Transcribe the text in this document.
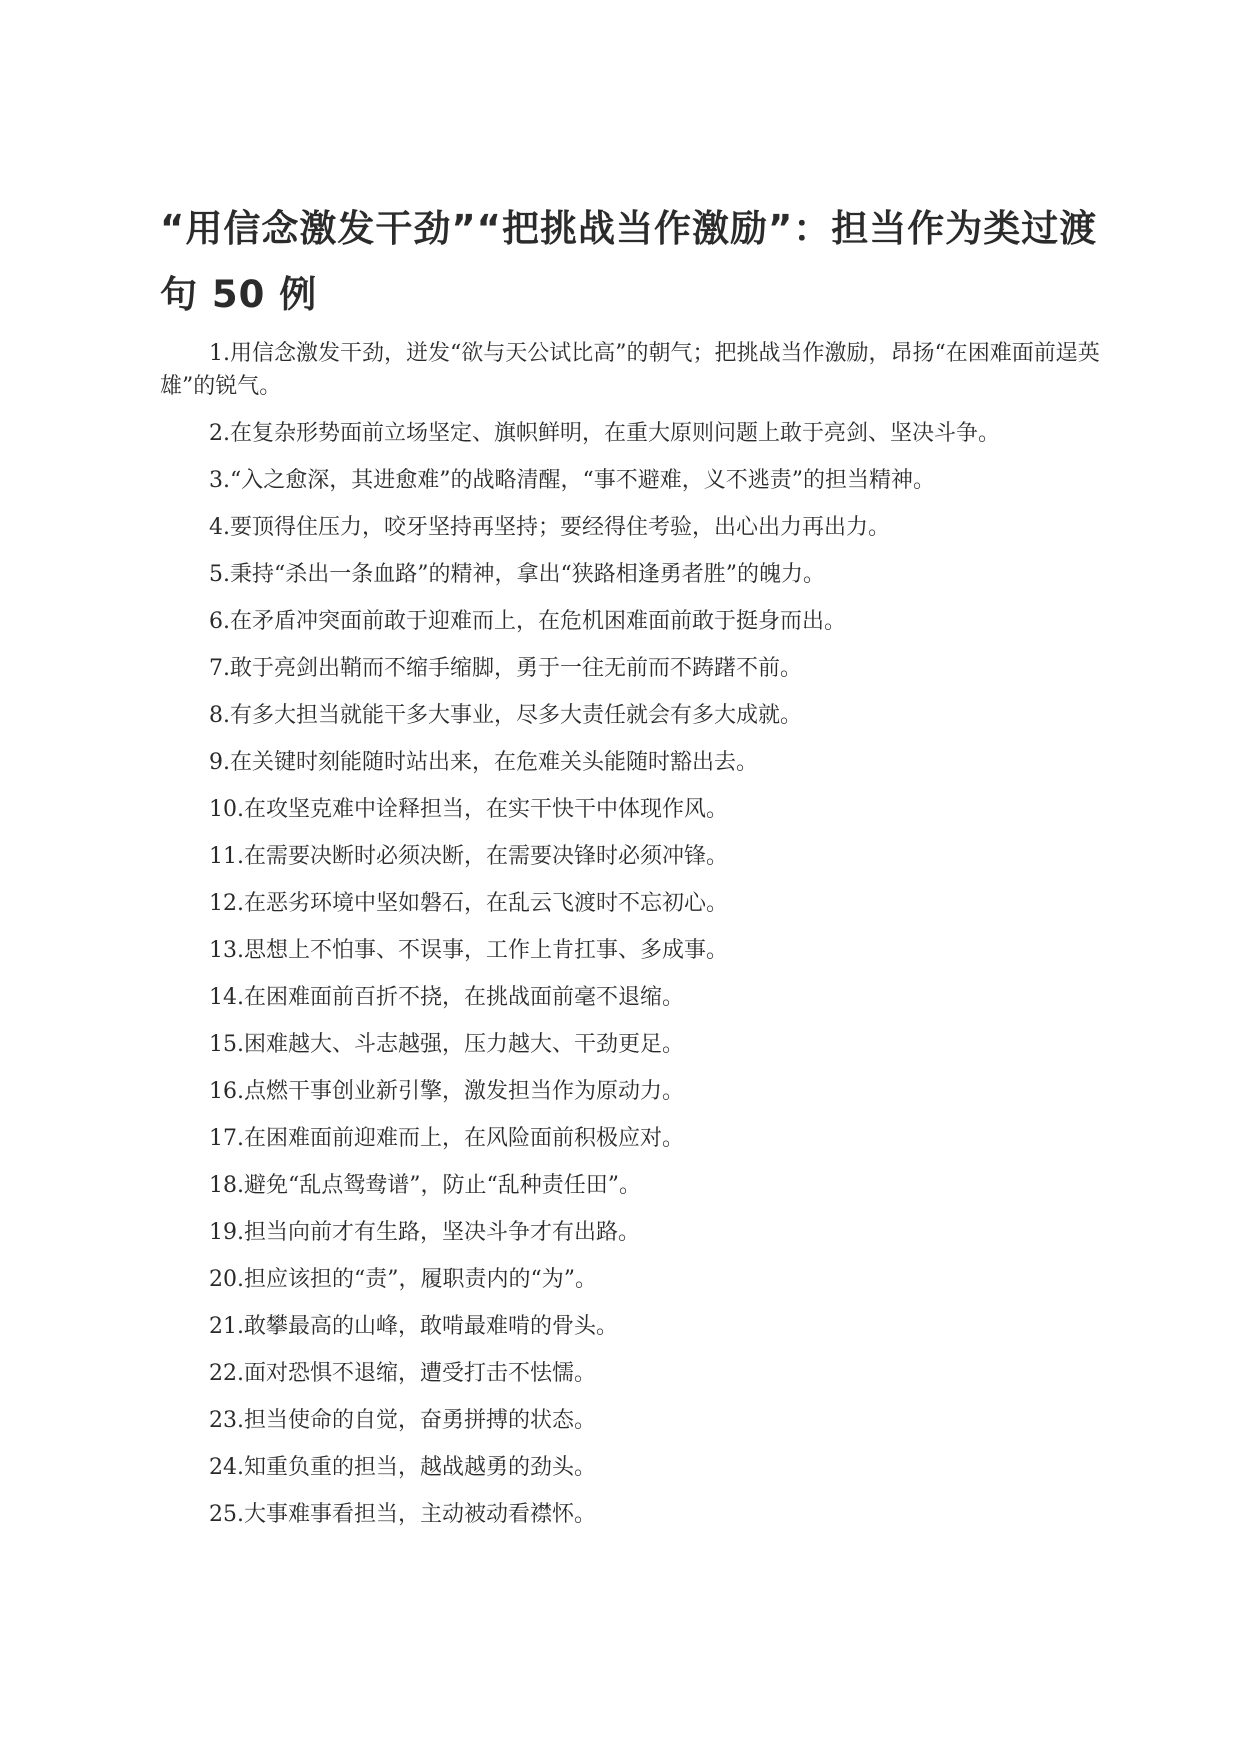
“用信念激发干劲”“把挑战当作激励”：担当作为类过渡句 50 例
1.用信念激发干劲，迸发“欲与天公试比高”的朝气；把挑战当作激励，昂扬“在困难面前逞英雄”的锐气。
2.在复杂形势面前立场坚定、旗帜鲜明，在重大原则问题上敢于亮剑、坚决斗争。
3.“入之愈深，其进愈难”的战略清醒，“事不避难，义不逃责”的担当精神。
4.要顶得住压力，咬牙坚持再坚持；要经得住考验，出心出力再出力。
5.秉持“杀出一条血路”的精神，拿出“狭路相逢勇者胜”的魄力。
6.在矛盾冲突面前敢于迎难而上，在危机困难面前敢于挺身而出。
7.敢于亮剑出鞘而不缩手缩脚，勇于一往无前而不踌躇不前。
8.有多大担当就能干多大事业，尽多大责任就会有多大成就。
9.在关键时刻能随时站出来，在危难关头能随时豁出去。
10.在攻坚克难中诠释担当，在实干快干中体现作风。
11.在需要决断时必须决断，在需要决锋时必须冲锋。
12.在恶劣环境中坚如磐石，在乱云飞渡时不忘初心。
13.思想上不怕事、不误事，工作上肯扛事、多成事。
14.在困难面前百折不挠，在挑战面前毫不退缩。
15.困难越大、斗志越强，压力越大、干劲更足。
16.点燃干事创业新引擎，激发担当作为原动力。
17.在困难面前迎难而上，在风险面前积极应对。
18.避免“乱点鸳鸯谱”，防止“乱种责任田”。
19.担当向前才有生路，坚决斗争才有出路。
20.担应该担的“责”，履职责内的“为”。
21.敢攀最高的山峰，敢啃最难啃的骨头。
22.面对恐惧不退缩，遭受打击不怯懦。
23.担当使命的自觉，奋勇拼搏的状态。
24.知重负重的担当，越战越勇的劲头。
25.大事难事看担当，主动被动看襟怀。
